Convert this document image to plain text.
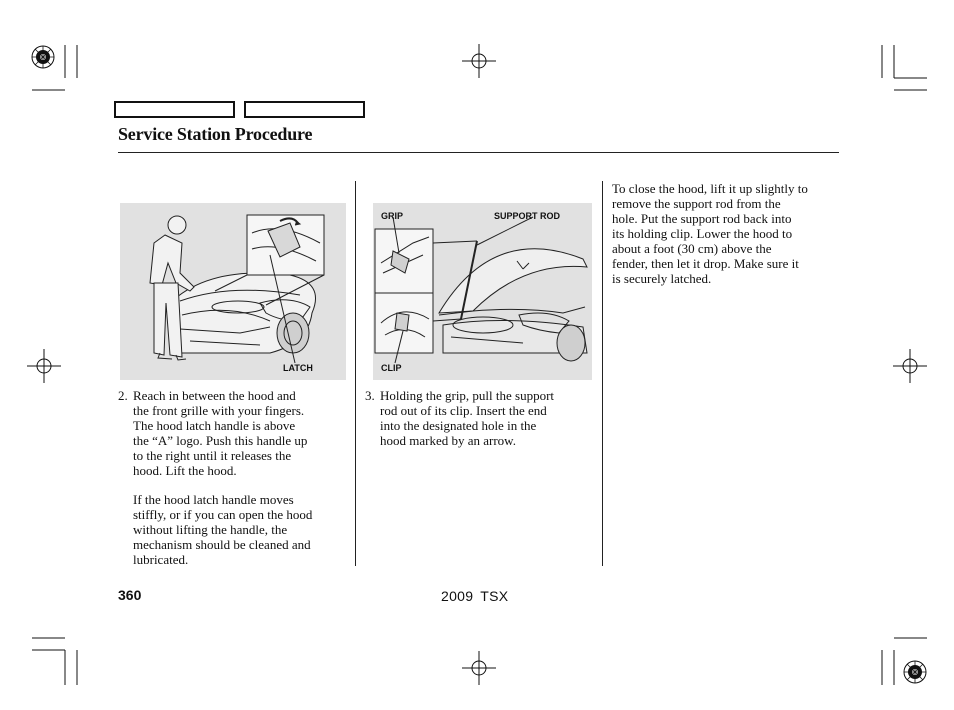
Service Station Procedure
LATCH
GRIP	SUPPORT ROD
CLIP
2. Reach in between the hood and
the front grille with your fingers.
The hood latch handle is above
the “A” logo. Push this handle up
to the right until it releases the
hood. Lift the hood.
If the hood latch handle moves
stiffly, or if you can open the hood
without lifting the handle, the
mechanism should be cleaned and
lubricated.
3. Holding the grip, pull the support
rod out of its clip. Insert the end
into the designated hole in the
hood marked by an arrow.
To close the hood, lift it up slightly to
remove the support rod from the
hole. Put the support rod back into
its holding clip. Lower the hood to
about a foot (30 cm) above the
fender, then let it drop. Make sure it
is securely latched.
360	2009 TSX
